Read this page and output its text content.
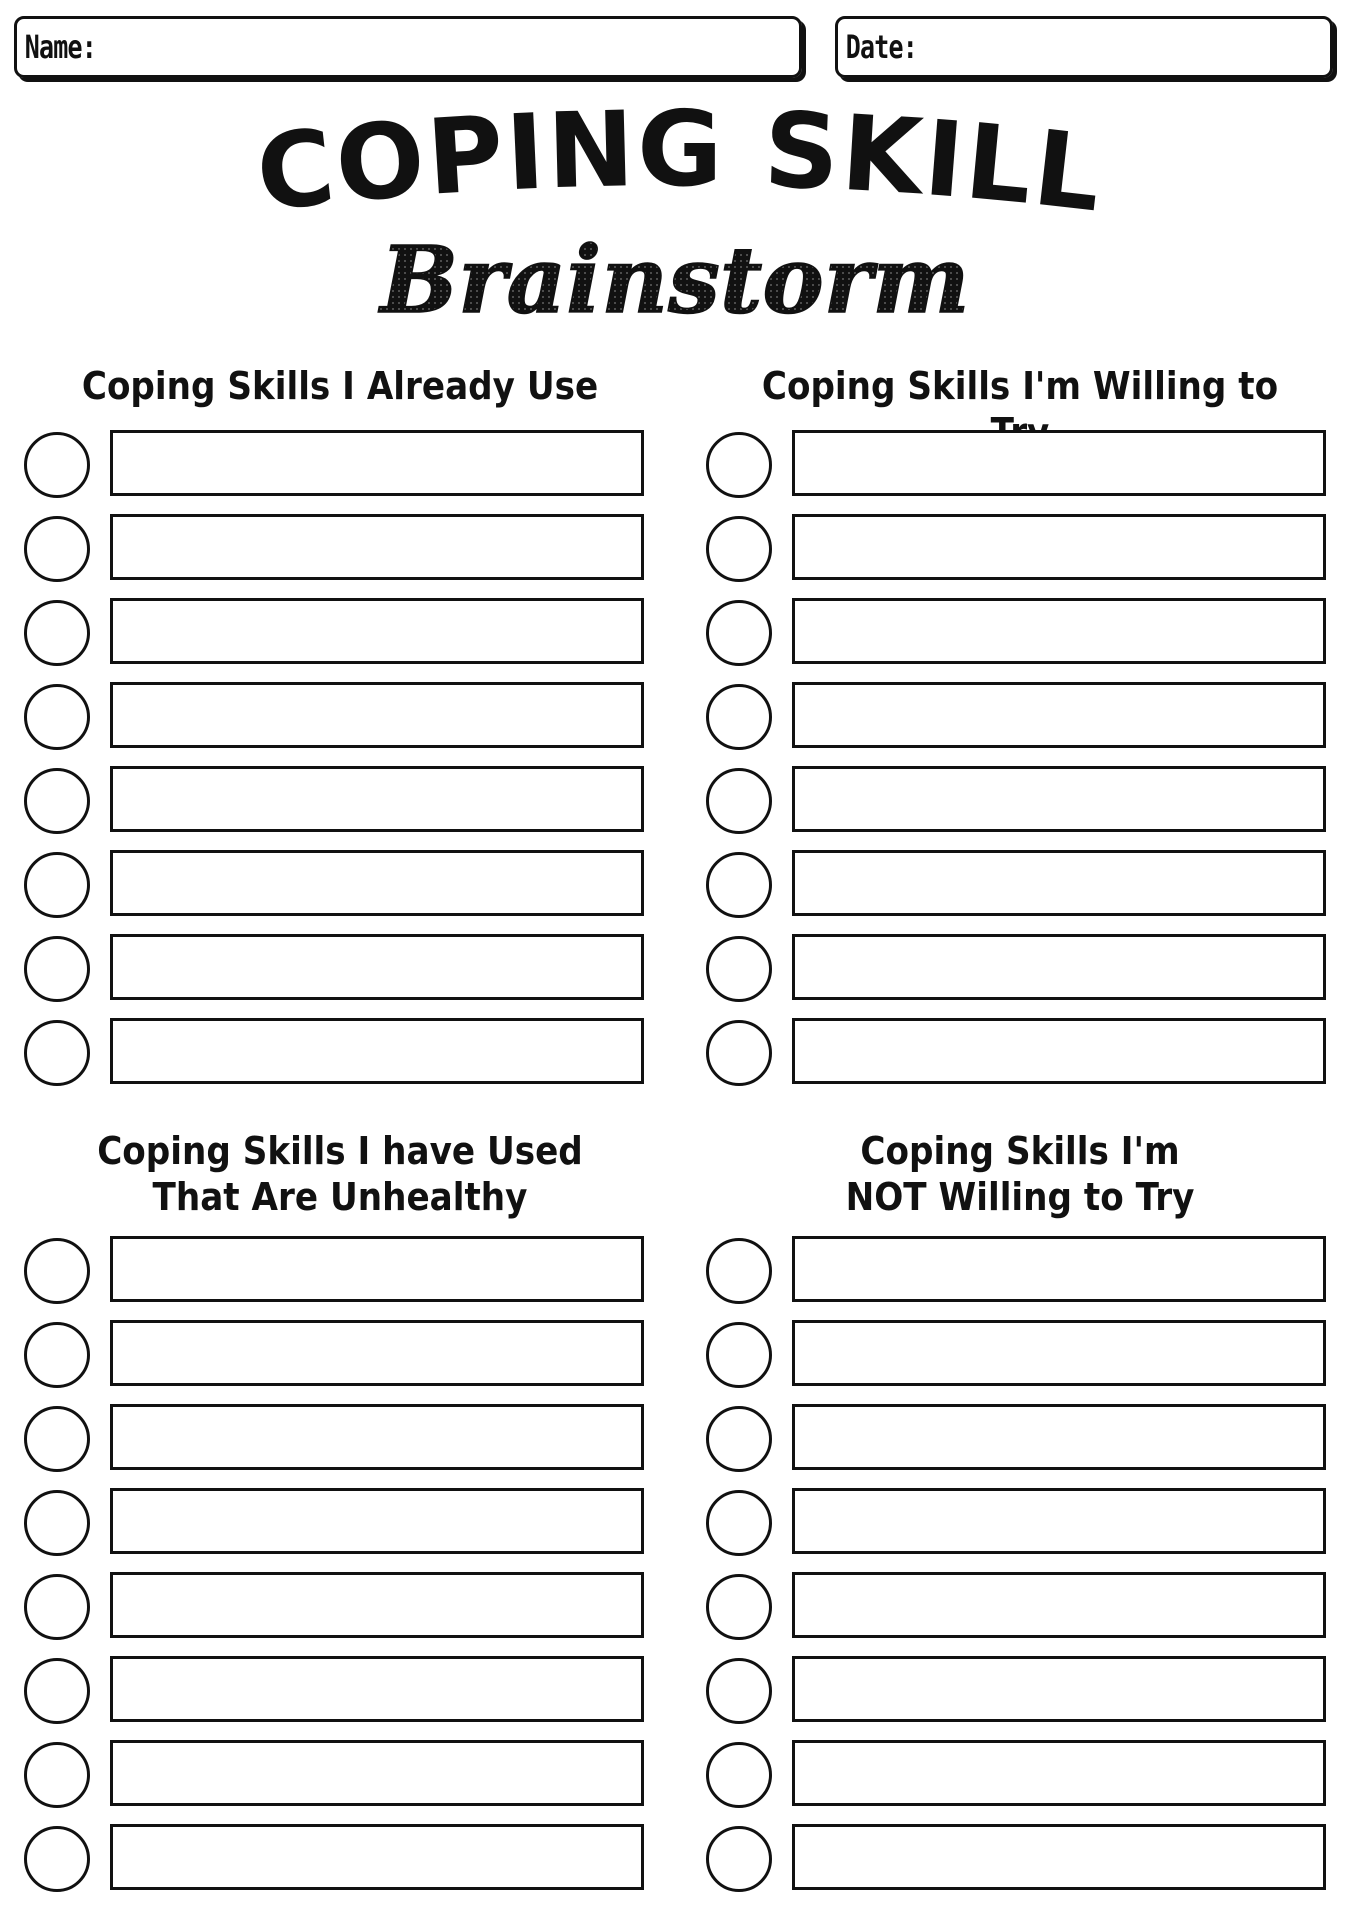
Name:	Date:
COPING SKILL
Brainstorm
Coping Skills I Already Use	Coping Skills I'm Willing to
Coping Skills I have Used
That Are Unhealthy
Coping Skills I'm
NOT Willing to Try
